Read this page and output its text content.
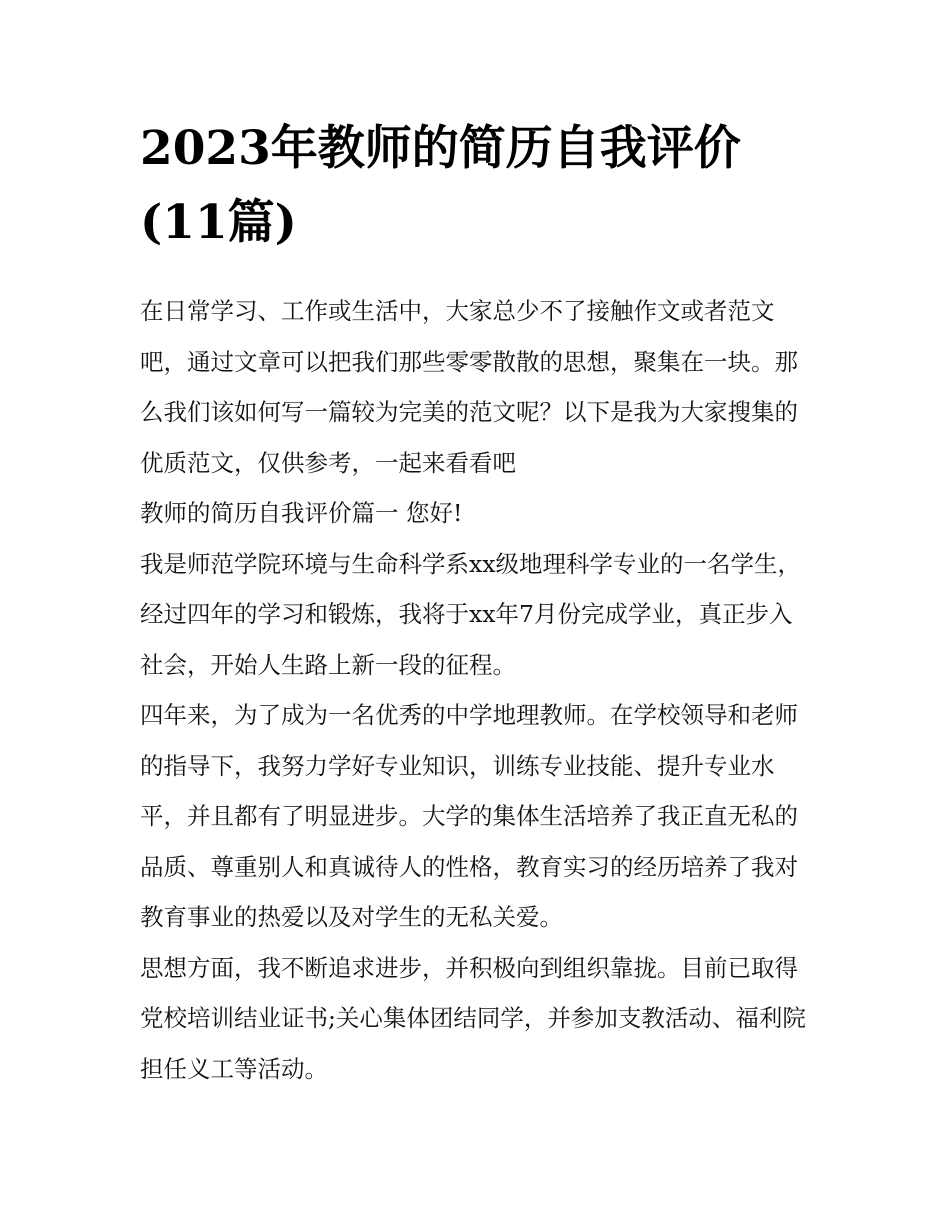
2023年教师的简历自我评价(11篇)

在日常学习、工作或生活中，大家总少不了接触作文或者范文吧，通过文章可以把我们那些零零散散的思想，聚集在一块。那么我们该如何写一篇较为完美的范文呢？以下是我为大家搜集的优质范文，仅供参考，一起来看看吧

教师的简历自我评价篇一 您好!

我是师范学院环境与生命科学系xx级地理科学专业的一名学生，经过四年的学习和锻炼，我将于xx年7月份完成学业，真正步入社会，开始人生路上新一段的征程。

四年来，为了成为一名优秀的中学地理教师。在学校领导和老师的指导下，我努力学好专业知识，训练专业技能、提升专业水平，并且都有了明显进步。大学的集体生活培养了我正直无私的品质、尊重别人和真诚待人的性格，教育实习的经历培养了我对教育事业的热爱以及对学生的无私关爱。

思想方面，我不断追求进步，并积极向到组织靠拢。目前已取得党校培训结业证书;关心集体团结同学，并参加支教活动、福利院担任义工等活动。
